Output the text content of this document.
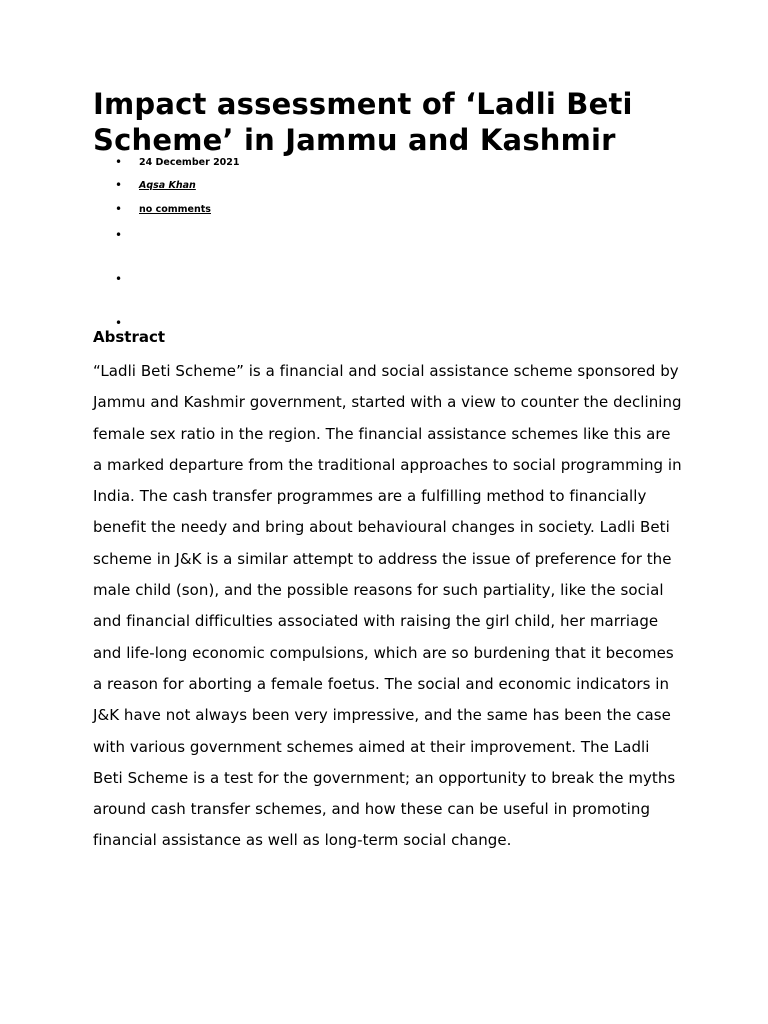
Impact assessment of ‘Ladli Beti Scheme’ in Jammu and Kashmir
• 24 December 2021
• Aqsa Khan
• no comments
•
•
•
Abstract

“Ladli Beti Scheme” is a financial and social assistance scheme sponsored by Jammu and Kashmir government, started with a view to counter the declining female sex ratio in the region. The financial assistance schemes like this are a marked departure from the traditional approaches to social programming in India. The cash transfer programmes are a fulfilling method to financially benefit the needy and bring about behavioural changes in society. Ladli Beti scheme in J&K is a similar attempt to address the issue of preference for the male child (son), and the possible reasons for such partiality, like the social and financial difficulties associated with raising the girl child, her marriage and life-long economic compulsions, which are so burdening that it becomes a reason for aborting a female foetus. The social and economic indicators in J&K have not always been very impressive, and the same has been the case with various government schemes aimed at their improvement. The Ladli Beti Scheme is a test for the government; an opportunity to break the myths around cash transfer schemes, and how these can be useful in promoting financial assistance as well as long-term social change.
